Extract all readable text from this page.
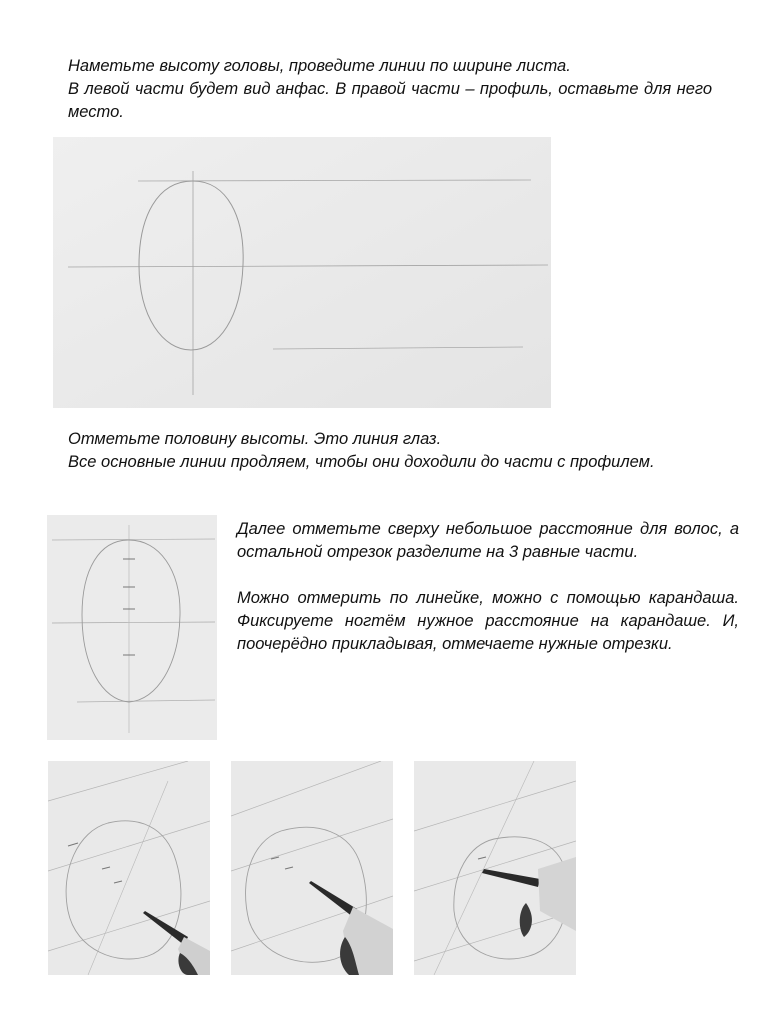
Наметьте высоту головы, проведите линии по ширине листа.

В левой части будет вид анфас. В правой части – профиль, оставьте для него место.

Отметьте половину высоты. Это линия глаз.

Все основные линии продляем, чтобы они доходили до части с профилем.

Далее отметьте сверху небольшое расстояние для волос, а остальной отрезок разделите на 3 равные части.

Можно отмерить по линейке, можно с помощью карандаша. Фиксируете ногтём нужное расстояние на карандаше. И, поочерёдно прикладывая, отмечаете нужные отрезки.
